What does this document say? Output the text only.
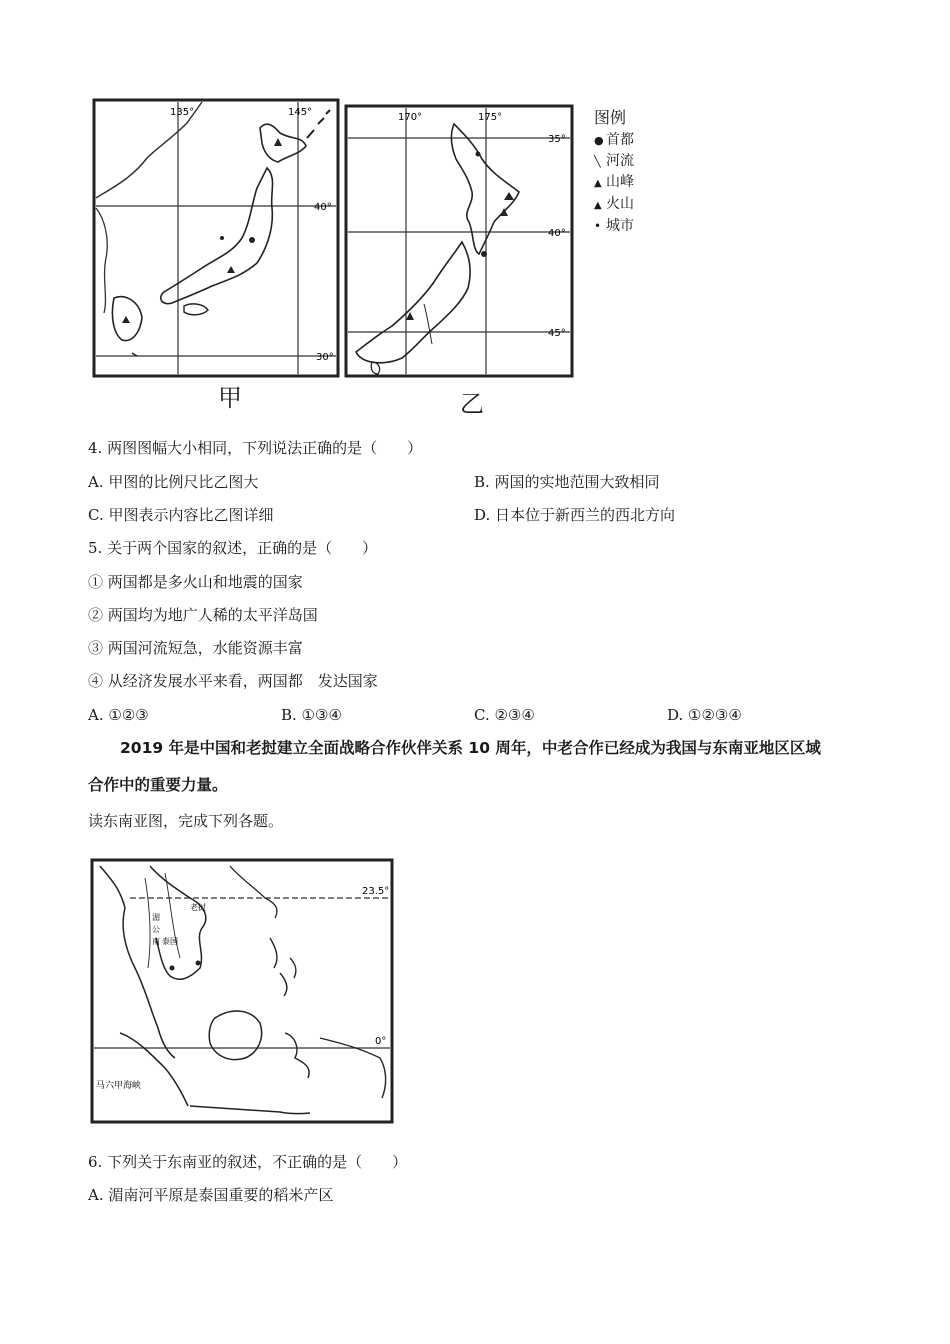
135°	145°
40°
30°
甲
170°	175°
35°
40°
45°
乙
图例
● 首都
╲ 河流
▲ 山峰
▲ 火山
• 城市
4. 两图图幅大小相同，下列说法正确的是（　　）
A. 甲图的比例尺比乙图大	B. 两国的实地范围大致相同
C. 甲图表示内容比乙图详细	D. 日本位于新西兰的西北方向
5. 关于两个国家的叙述，正确的是（　　）
① 两国都是多火山和地震的国家
② 两国均为地广人稀的太平洋岛国
③ 两国河流短急，水能资源丰富
④ 从经济发展水平来看，两国都　发达国家
A. ①②③	B. ①③④	C. ②③④	D. ①②③④
2019 年是中国和老挝建立全面战略合作伙伴关系 10 周年，中老合作已经成为我国与东南亚地区区域
合作中的重要力量。
读东南亚图，完成下列各题。
23.5°
0°
老挝
湄
公
南 泰国
马六甲海峡
6. 下列关于东南亚的叙述，不正确的是（　　）
A. 湄南河平原是泰国重要的稻米产区
